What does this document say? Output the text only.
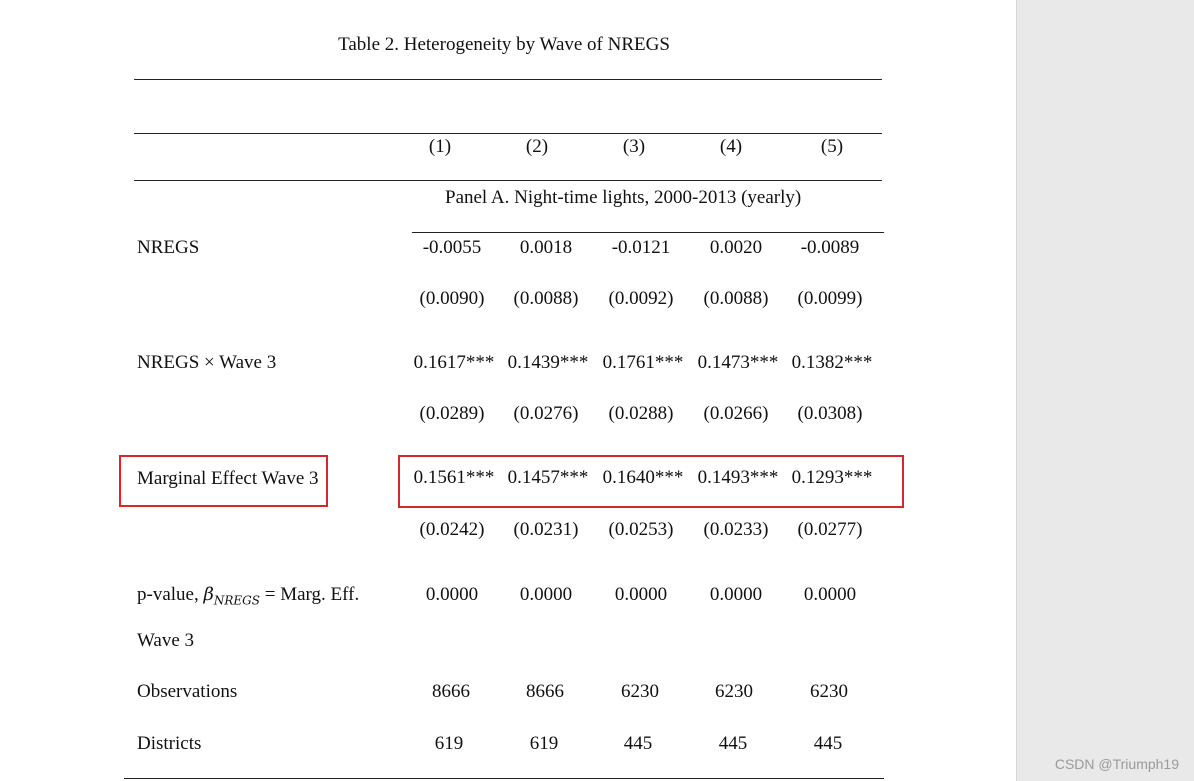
Table 2. Heterogeneity by Wave of NREGS
(1)	(2)	(3)	(4)	(5)
Panel A. Night-time lights, 2000-2013 (yearly)
NREGS	-0.0055	0.0018	-0.0121	0.0020	-0.0089
(0.0090)	(0.0088)	(0.0092)	(0.0088)	(0.0099)
NREGS × Wave 3	0.1617*** 0.1439*** 0.1761*** 0.1473*** 0.1382***
(0.0289)	(0.0276)	(0.0288)	(0.0266)	(0.0308)
Marginal Effect Wave 3	0.1561*** 0.1457*** 0.1640*** 0.1493*** 0.1293***
(0.0242)	(0.0231)	(0.0253)	(0.0233)	(0.0277)
p-value, $\beta_{NREGS}$ = Marg. Eff.
Wave 3
0.0000	0.0000	0.0000	0.0000	0.0000
Observations	8666	8666	6230	6230	6230
Districts	619	619	445	445	445
CSDN @Triumph19
